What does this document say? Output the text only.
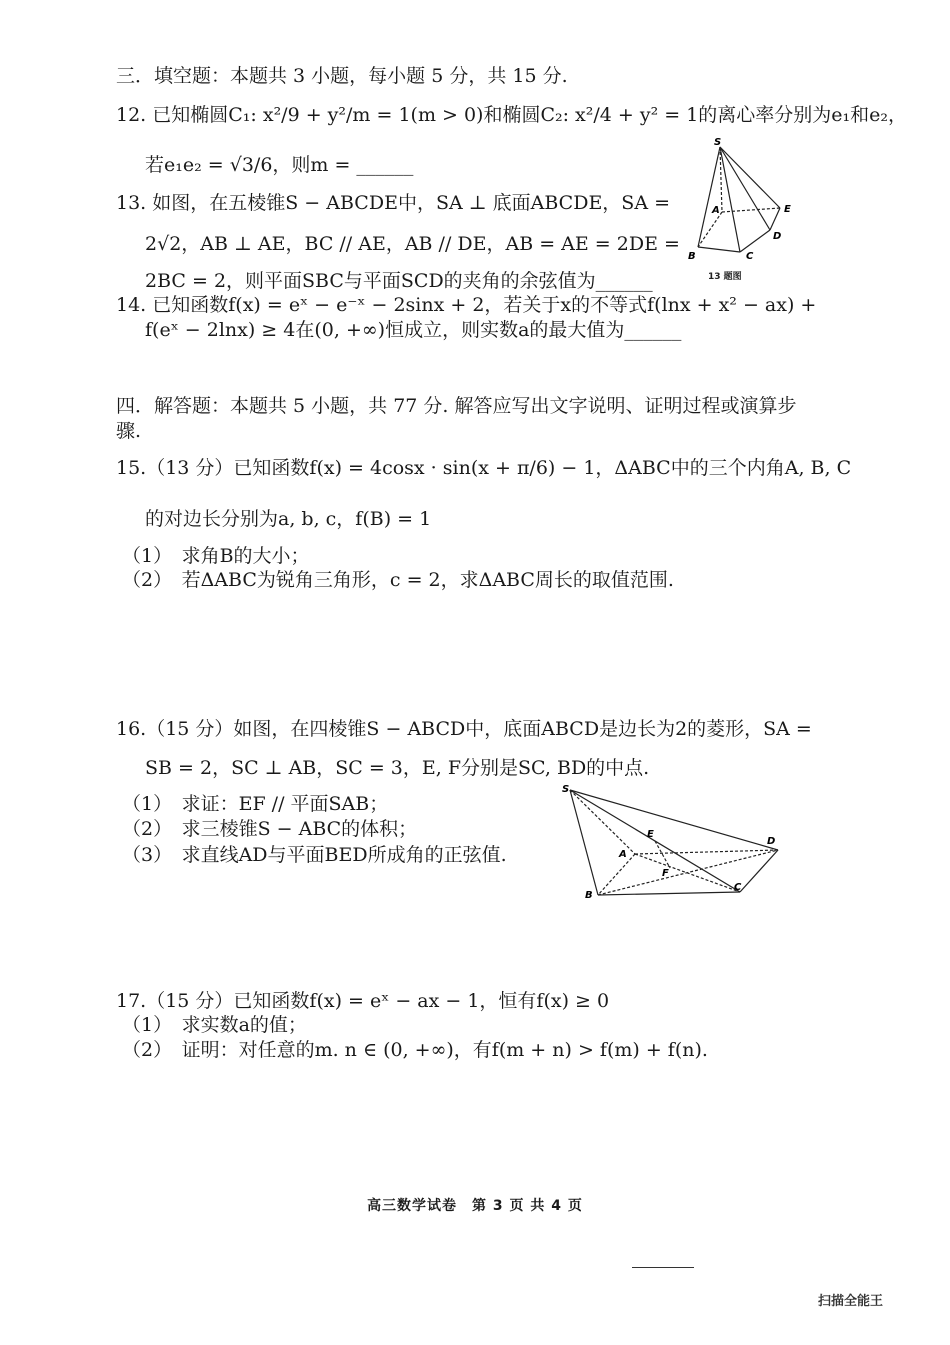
三．填空题：本题共 3 小题，每小题 5 分，共 15 分.
12. 已知椭圆C₁: x²/9 + y²/m = 1(m > 0)和椭圆C₂: x²/4 + y² = 1的离心率分别为e₁和e₂，
若e₁e₂ = √3/6，则m = ______
13. 如图，在五棱锥S − ABCDE中，SA ⊥ 底面ABCDE，SA =
2√2，AB ⊥ AE，BC // AE，AB // DE，AB = AE = 2DE =
2BC = 2，则平面SBC与平面SCD的夹角的余弦值为______
S
A
B	C
D
E
13 题图
14. 已知函数f(x) = eˣ − e⁻ˣ − 2sinx + 2，若关于x的不等式f(lnx + x² − ax) +
f(eˣ − 2lnx) ≥ 4在(0, +∞)恒成立，则实数a的最大值为______
四．解答题：本题共 5 小题，共 77 分. 解答应写出文字说明、证明过程或演算步
骤.
15.（13 分）已知函数f(x) = 4cosx · sin(x + π/6) − 1，ΔABC中的三个内角A, B, C
的对边长分别为a, b, c，f(B) = 1
（1）　求角B的大小；
（2）　若ΔABC为锐角三角形，c = 2，求ΔABC周长的取值范围.
16.（15 分）如图，在四棱锥S − ABCD中，底面ABCD是边长为2的菱形，SA =
SB = 2，SC ⊥ AB，SC = 3，E, F分别是SC, BD的中点.
（1）　求证：EF // 平面SAB；
（2）　求三棱锥S − ABC的体积；
（3）　求直线AD与平面BED所成角的正弦值.
S
A
B
C
D
E
F
17.（15 分）已知函数f(x) = eˣ − ax − 1，恒有f(x) ≥ 0
（1）　求实数a的值；
（2）　证明：对任意的m. n ∈ (0, +∞)，有f(m + n) > f(m) + f(n).
高三数学试卷　第 3 页 共 4 页
扫描全能王
